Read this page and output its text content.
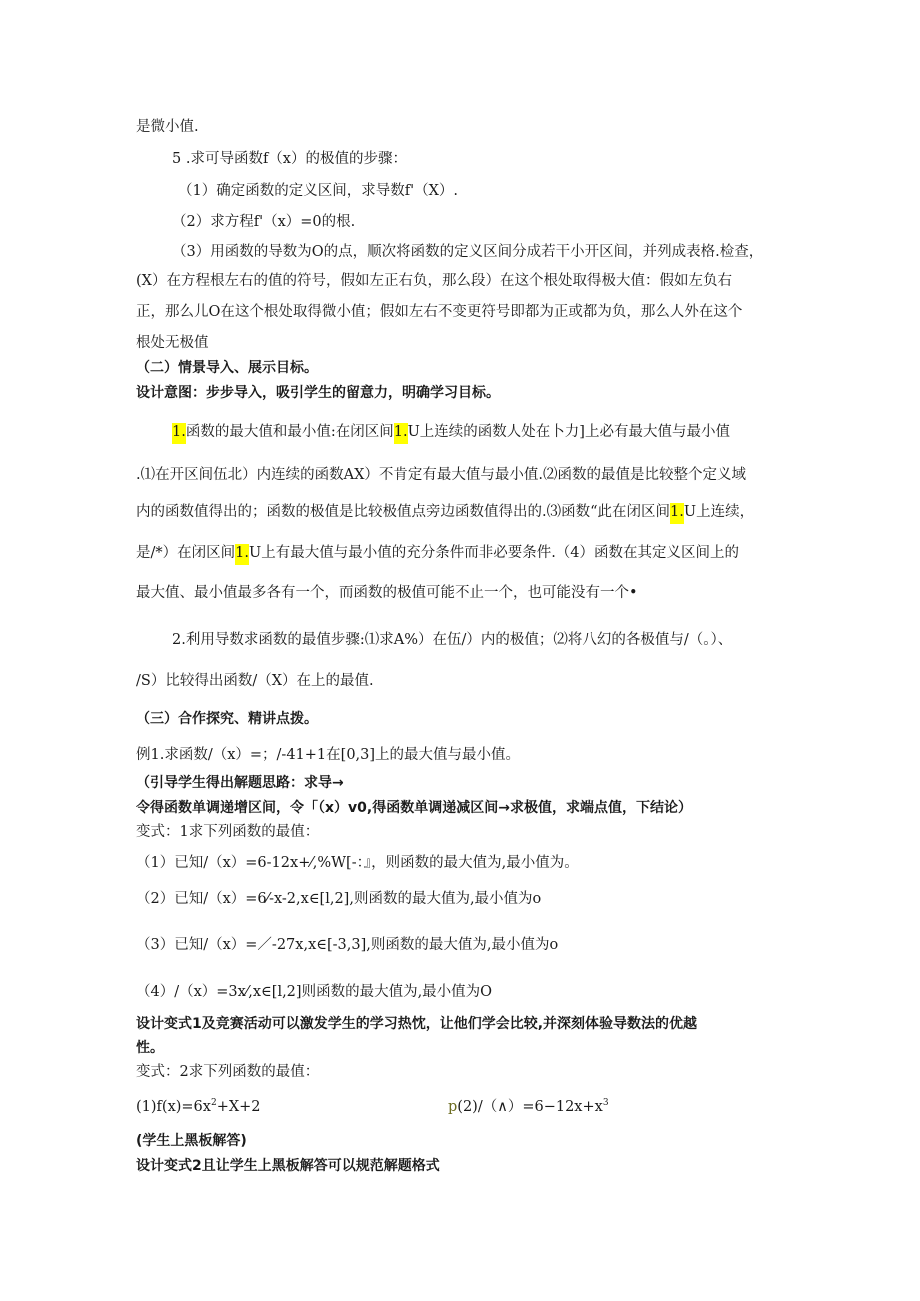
是微小值.
5 .求可导函数f（x）的极值的步骤：
（1）确定函数的定义区间，求导数f'（X）.
（2）求方程f'（x）=0的根.
（3）用函数的导数为O的点，顺次将函数的定义区间分成若干小开区间，并列成表格.检查，
(X）在方程根左右的值的符号，假如左正右负，那么段）在这个根处取得极大值：假如左负右
正，那么儿O在这个根处取得微小值；假如左右不变更符号即都为正或都为负，那么人外在这个
根处无极值
（二）情景导入、展示目标。
设计意图：步步导入，吸引学生的留意力，明确学习目标。
1.函数的最大值和最小值:在闭区间1.U上连续的函数人处在卜力]上必有最大值与最小值
.⑴在开区间伍北）内连续的函数AX）不肯定有最大值与最小值.⑵函数的最值是比较整个定义域
内的函数值得出的；函数的极值是比较极值点旁边函数值得出的.⑶函数“此在闭区间1.U上连续，
是/*）在闭区间1.U上有最大值与最小值的充分条件而非必要条件.（4）函数在其定义区间上的
最大值、最小值最多各有一个，而函数的极值可能不止一个，也可能没有一个•
2.利用导数求函数的最值步骤:⑴求A%）在伍/）内的极值；⑵将八幻的各极值与/（。）、
/S）比较得出函数/（X）在上的最值.
（三）合作探究、精讲点拨。
例1.求函数/（x）=；/-41+1在[0,3]上的最大值与最小值。
（引导学生得出解题思路：求导→
令得函数单调递增区间，令「（x）v0,得函数单调递减区间→求极值，求端点值，下结论）
变式：1求下列函数的最值：
（1）已知/（x）=6-12x+⁄,%W[-：』，则函数的最大值为,最小值为。
（2）已知/（x）=6⁄-x-2,x∈[l,2],则函数的最大值为,最小值为o
（3）已知/（x）=／-27x,x∈[-3,3],则函数的最大值为,最小值为o
（4）/（x）=3x⁄,x∈[l,2]则函数的最大值为,最小值为O
设计变式1及竞赛活动可以激发学生的学习热忱，让他们学会比较,并深刻体验导数法的优越
性。
变式：2求下列函数的最值：
$(1)f(x)=6x^2+X+2$	$p(2)/(\wedge)=6-12x+x^3$
(学生上黑板解答)
设计变式2且让学生上黑板解答可以规范解题格式
